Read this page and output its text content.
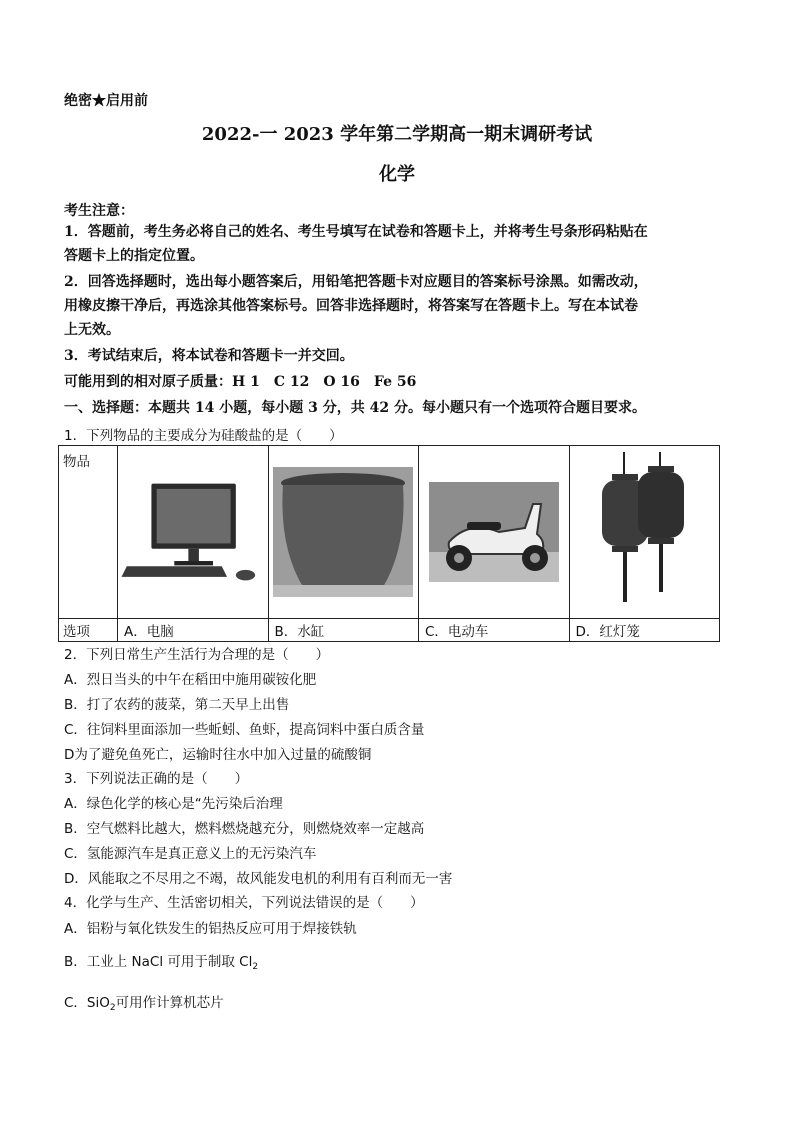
绝密★启用前
2022-一 2023 学年第二学期高一期末调研考试
化学
考生注意：
1．答题前，考生务必将自己的姓名、考生号填写在试卷和答题卡上，并将考生号条形码粘贴在
答题卡上的指定位置。
2．回答选择题时，选出每小题答案后，用铅笔把答题卡对应题目的答案标号涂黑。如需改动，
用橡皮擦干净后，再选涂其他答案标号。回答非选择题时，将答案写在答题卡上。写在本试卷
上无效。
3．考试结束后，将本试卷和答题卡一并交回。
可能用到的相对原子质量：H 1　C 12　O 16　Fe 56
一、选择题：本题共 14 小题，每小题 3 分，共 42 分。每小题只有一个选项符合题目要求。
1．下列物品的主要成分为硅酸盐的是（　　）
物品	

选项	A．电脑	B．水缸	C．电动车	D．红灯笼
2．下列日常生产生活行为合理的是（　　）
A．烈日当头的中午在稻田中施用碳铵化肥
B．打了农药的菠菜，第二天早上出售
C．往饲料里面添加一些蚯蚓、鱼虾，提高饲料中蛋白质含量
D为了避免鱼死亡，运输时往水中加入过量的硫酸铜
3．下列说法正确的是（　　）
A．绿色化学的核心是“先污染后治理
B．空气燃料比越大，燃料燃烧越充分，则燃烧效率一定越高
C．氢能源汽车是真正意义上的无污染汽车
D．风能取之不尽用之不竭，故风能发电机的利用有百利而无一害
4．化学与生产、生活密切相关，下列说法错误的是（　　）
A．铝粉与氧化铁发生的铝热反应可用于焊接铁轨
B．工业上 NaCl 可用于制取 $Cl_2$
C．SiO$_2$可用作计算机芯片
